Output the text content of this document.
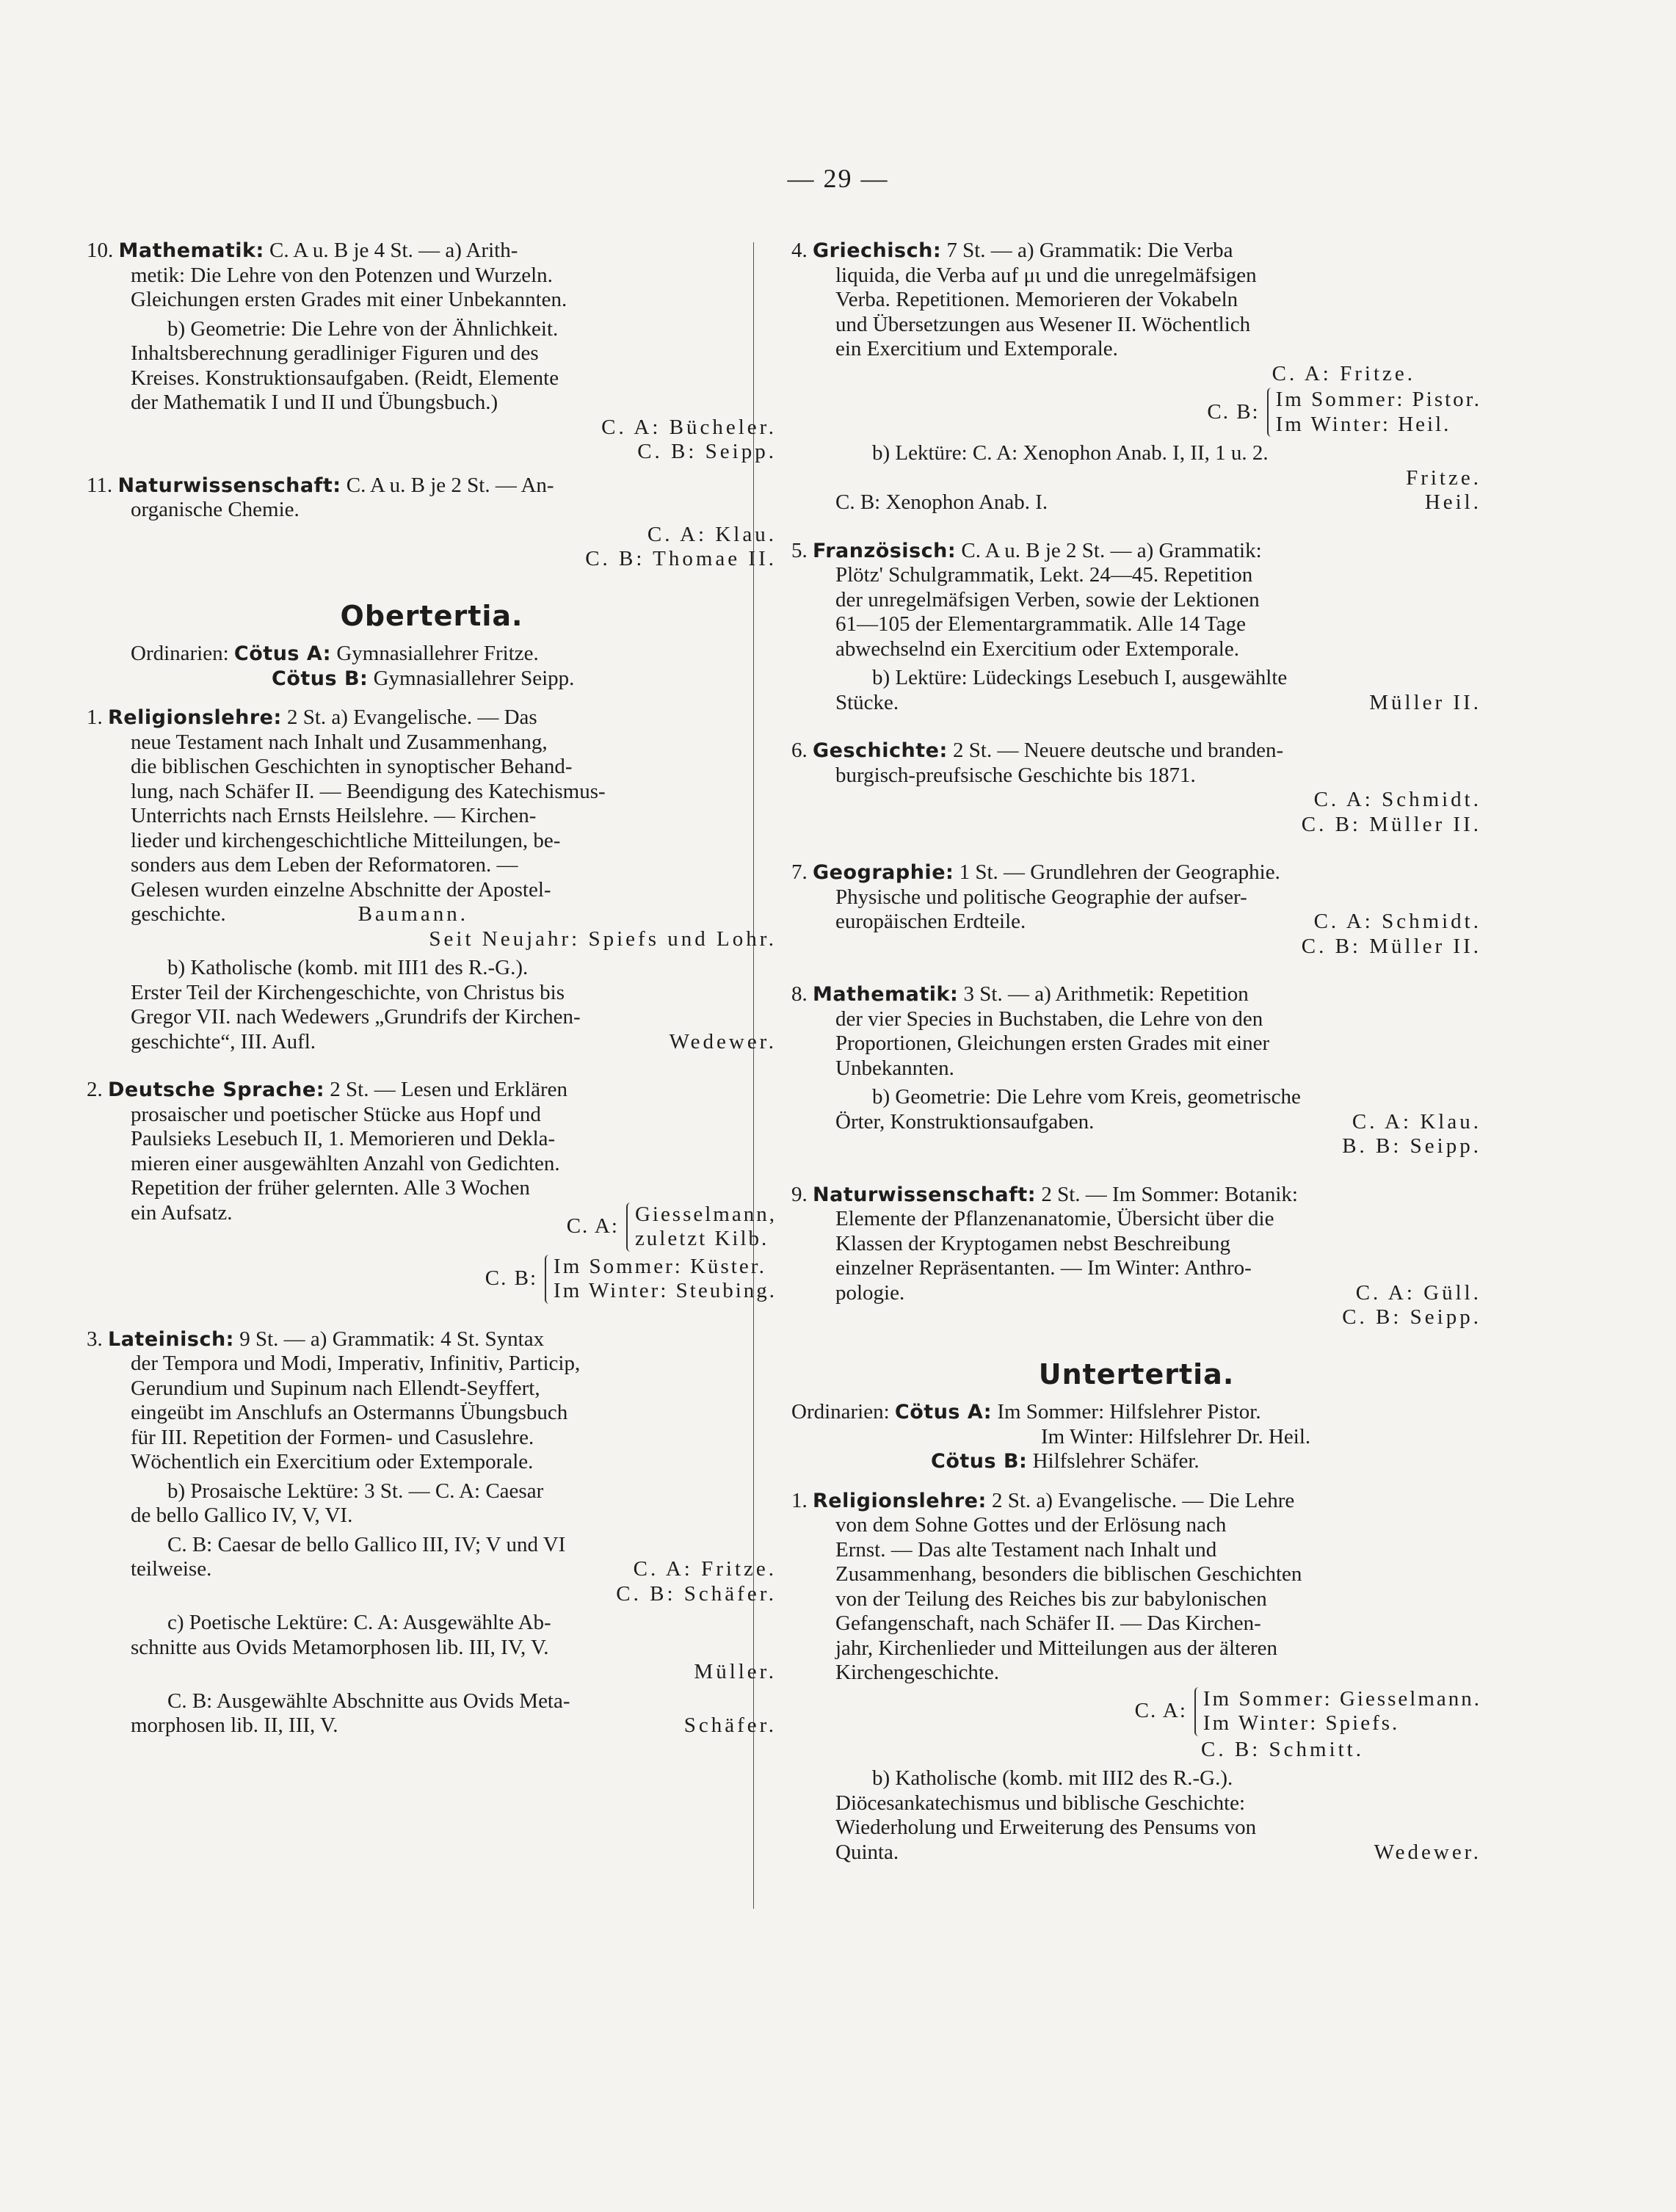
— 29 —

10. Mathematik: C. A u. B je 4 St. — a) Arith-

metik: Die Lehre von den Potenzen und Wurzeln.

Gleichungen ersten Grades mit einer Unbekannten.

b) Geometrie: Die Lehre von der Ähnlichkeit.

Inhaltsberechnung geradliniger Figuren und des

Kreises. Konstruktionsaufgaben. (Reidt, Elemente

der Mathematik I und II und Übungsbuch.)

C. A: Bücheler.

C. B: Seipp.

11. Naturwissenschaft: C. A u. B je 2 St. — An-

organische Chemie.

C. A: Klau.

C. B: Thomae II.

Obertertia.

Ordinarien: Cötus A: Gymnasiallehrer Fritze.

Cötus B: Gymnasiallehrer Seipp.

1. Religionslehre: 2 St. a) Evangelische. — Das

neue Testament nach Inhalt und Zusammenhang,

die biblischen Geschichten in synoptischer Behand-

lung, nach Schäfer II. — Beendigung des Katechismus-

Unterrichts nach Ernsts Heilslehre. — Kirchen-

lieder und kirchengeschichtliche Mitteilungen, be-

sonders aus dem Leben der Reformatoren. —

Gelesen wurden einzelne Abschnitte der Apostel-

geschichte.	Baumann.

Seit Neujahr: Spiefs und Lohr.

b) Katholische (komb. mit III1 des R.-G.).

Erster Teil der Kirchengeschichte, von Christus bis

Gregor VII. nach Wedewers „Grundrifs der Kirchen-

geschichte“, III. Aufl.	Wedewer.

2. Deutsche Sprache: 2 St. — Lesen und Erklären

prosaischer und poetischer Stücke aus Hopf und

Paulsieks Lesebuch II, 1. Memorieren und Dekla-

mieren einer ausgewählten Anzahl von Gedichten.

Repetition der früher gelernten. Alle 3 Wochen

ein Aufsatz.
C. A:
Giesselmann,
zuletzt Kilb.
C. B:
Im Sommer: Küster.
Im Winter: Steubing.

3. Lateinisch: 9 St. — a) Grammatik: 4 St. Syntax

der Tempora und Modi, Imperativ, Infinitiv, Particip,

Gerundium und Supinum nach Ellendt-Seyffert,

eingeübt im Anschlufs an Ostermanns Übungsbuch

für III. Repetition der Formen- und Casuslehre.

Wöchentlich ein Exercitium oder Extemporale.

b) Prosaische Lektüre: 3 St. — C. A: Caesar

de bello Gallico IV, V, VI.

C. B: Caesar de bello Gallico III, IV; V und VI

teilweise.	C. A: Fritze.

C. B: Schäfer.

c) Poetische Lektüre: C. A: Ausgewählte Ab-

schnitte aus Ovids Metamorphosen lib. III, IV, V.

Müller.

C. B: Ausgewählte Abschnitte aus Ovids Meta-

morphosen lib. II, III, V.	Schäfer.

4. Griechisch: 7 St. — a) Grammatik: Die Verba

liquida, die Verba auf μι und die unregelmäfsigen

Verba. Repetitionen. Memorieren der Vokabeln

und Übersetzungen aus Wesener II. Wöchentlich

ein Exercitium und Extemporale.

C. A: Fritze.

C. B:
Im Sommer: Pistor.
Im Winter: Heil.

b) Lektüre: C. A: Xenophon Anab. I, II, 1 u. 2.

Fritze.

C. B: Xenophon Anab. I.	Heil.

5. Französisch: C. A u. B je 2 St. — a) Grammatik:

Plötz' Schulgrammatik, Lekt. 24—45. Repetition

der unregelmäfsigen Verben, sowie der Lektionen

61—105 der Elementargrammatik. Alle 14 Tage

abwechselnd ein Exercitium oder Extemporale.

b) Lektüre: Lüdeckings Lesebuch I, ausgewählte

Stücke.	Müller II.

6. Geschichte: 2 St. — Neuere deutsche und branden-

burgisch-preufsische Geschichte bis 1871.

C. A: Schmidt.

C. B: Müller II.

7. Geographie: 1 St. — Grundlehren der Geographie.

Physische und politische Geographie der aufser-

europäischen Erdteile.	C. A: Schmidt.

C. B: Müller II.

8. Mathematik: 3 St. — a) Arithmetik: Repetition

der vier Species in Buchstaben, die Lehre von den

Proportionen, Gleichungen ersten Grades mit einer

Unbekannten.

b) Geometrie: Die Lehre vom Kreis, geometrische

Örter, Konstruktionsaufgaben.	C. A: Klau.

B. B: Seipp.

9. Naturwissenschaft: 2 St. — Im Sommer: Botanik:

Elemente der Pflanzenanatomie, Übersicht über die

Klassen der Kryptogamen nebst Beschreibung

einzelner Repräsentanten. — Im Winter: Anthro-

pologie.	C. A: Güll.

C. B: Seipp.

Untertertia.

Ordinarien: Cötus A: Im Sommer: Hilfslehrer Pistor.

Im Winter: Hilfslehrer Dr. Heil.

Cötus B: Hilfslehrer Schäfer.

1. Religionslehre: 2 St. a) Evangelische. — Die Lehre

von dem Sohne Gottes und der Erlösung nach

Ernst. — Das alte Testament nach Inhalt und

Zusammenhang, besonders die biblischen Geschichten

von der Teilung des Reiches bis zur babylonischen

Gefangenschaft, nach Schäfer II. — Das Kirchen-

jahr, Kirchenlieder und Mitteilungen aus der älteren

Kirchengeschichte.

C. A:
Im Sommer: Giesselmann.
Im Winter: Spiefs.

C. B: Schmitt.

b) Katholische (komb. mit III2 des R.-G.).

Diöcesankatechismus und biblische Geschichte:

Wiederholung und Erweiterung des Pensums von

Quinta.	Wedewer.
